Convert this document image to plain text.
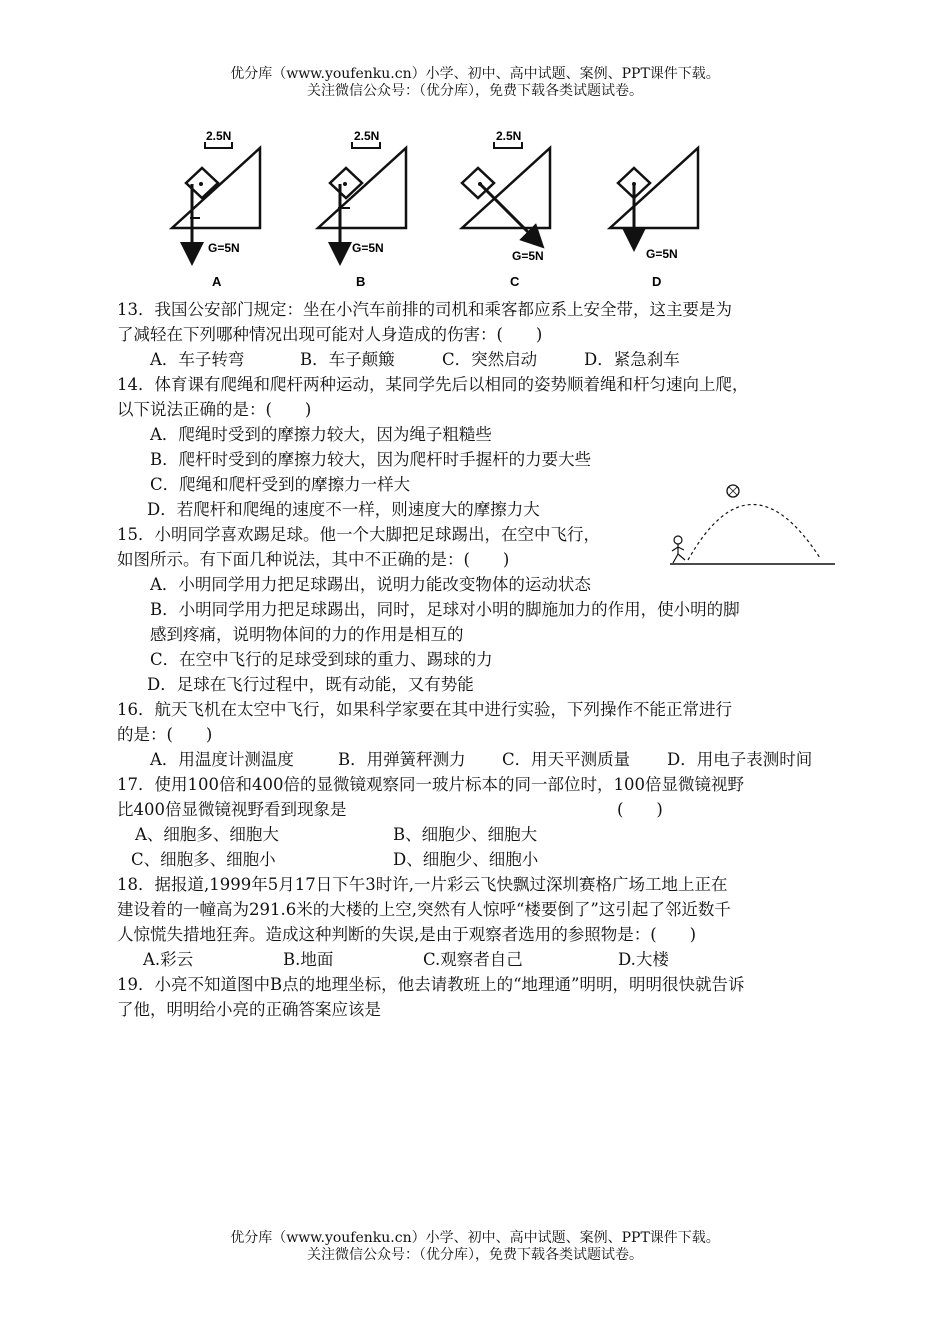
优分库（www.youfenku.cn）小学、初中、高中试题、案例、PPT课件下载。
关注微信公众号：（优分库），免费下载各类试题试卷。
2.5N
G=5N
A
2.5N
G=5N
B
2.5N
G=5N
C
G=5N
D
13．我国公安部门规定：坐在小汽车前排的司机和乘客都应系上安全带，这主要是为
了减轻在下列哪种情况出现可能对人身造成的伤害：(　　)
A．车子转弯	B．车子颠簸	C．突然启动	D．紧急刹车
14．体育课有爬绳和爬杆两种运动，某同学先后以相同的姿势顺着绳和杆匀速向上爬，
以下说法正确的是：(　　)
A．爬绳时受到的摩擦力较大，因为绳子粗糙些
B．爬杆时受到的摩擦力较大，因为爬杆时手握杆的力要大些
C．爬绳和爬杆受到的摩擦力一样大
D．若爬杆和爬绳的速度不一样，则速度大的摩擦力大
15．小明同学喜欢踢足球。他一个大脚把足球踢出，在空中飞行，
如图所示。有下面几种说法，其中不正确的是：(　　)
A．小明同学用力把足球踢出，说明力能改变物体的运动状态
B．小明同学用力把足球踢出，同时，足球对小明的脚施加力的作用，使小明的脚
感到疼痛，说明物体间的力的作用是相互的
C．在空中飞行的足球受到球的重力、踢球的力
D．足球在飞行过程中，既有动能，又有势能
16．航天飞机在太空中飞行，如果科学家要在其中进行实验，下列操作不能正常进行
的是：(　　)
A．用温度计测温度	B．用弹簧秤测力 C．用天平测质量 D．用电子表测时间
17．使用100倍和400倍的显微镜观察同一玻片标本的同一部位时，100倍显微镜视野
比400倍显微镜视野看到现象是	(　　)
A、细胞多、细胞大	B、细胞少、细胞大
C、细胞多、细胞小	D、细胞少、细胞小
18．据报道,1999年5月17日下午3时许,一片彩云飞快飘过深圳赛格广场工地上正在
建设着的一幢高为291.6米的大楼的上空,突然有人惊呼“楼要倒了”这引起了邻近数千
人惊慌失措地狂奔。造成这种判断的失误,是由于观察者选用的参照物是：(　　)
A.彩云	B.地面	C.观察者自己	D.大楼
19．小亮不知道图中B点的地理坐标，他去请教班上的“地理通”明明，明明很快就告诉
了他，明明给小亮的正确答案应该是
优分库（www.youfenku.cn）小学、初中、高中试题、案例、PPT课件下载。
关注微信公众号：（优分库），免费下载各类试题试卷。
